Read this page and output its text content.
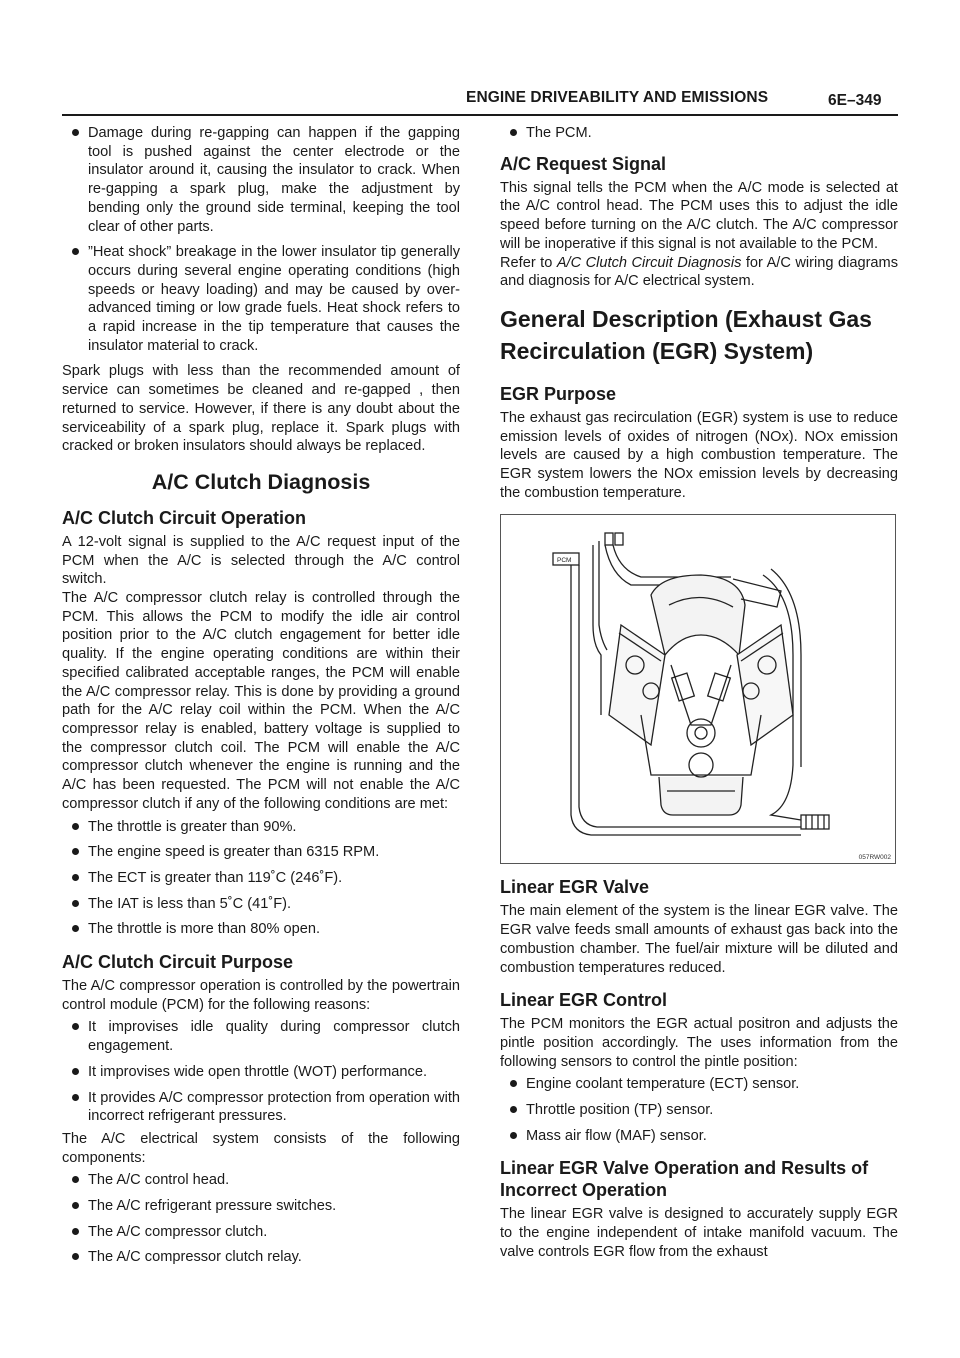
ENGINE DRIVEABILITY AND EMISSIONS	6E–349
Damage during re-gapping can happen if the gapping tool is pushed against the center electrode or the insulator around it, causing the insulator to crack. When re-gapping a spark plug, make the adjustment by bending only the ground side terminal, keeping the tool clear of other parts.
”Heat shock” breakage in the lower insulator tip generally occurs during several engine operating conditions (high speeds or heavy loading) and may be caused by over-advanced timing or low grade fuels. Heat shock refers to a rapid increase in the tip temperature that causes the insulator material to crack.

Spark plugs with less than the recommended amount of service can sometimes be cleaned and re-gapped , then returned to service. However, if there is any doubt about the serviceability of a spark plug, replace it. Spark plugs with cracked or broken insulators should always be replaced.

A/C Clutch Diagnosis
A/C Clutch Circuit Operation

A 12-volt signal is supplied to the A/C request input of the PCM when the A/C is selected through the A/C control switch.

The A/C compressor clutch relay is controlled through the PCM. This allows the PCM to modify the idle air control position prior to the A/C clutch engagement for better idle quality. If the engine operating conditions are within their specified calibrated acceptable ranges, the PCM will enable the A/C compressor relay. This is done by providing a ground path for the A/C relay coil within the PCM. When the A/C compressor relay is enabled, battery voltage is supplied to the compressor clutch coil. The PCM will enable the A/C compressor clutch whenever the engine is running and the A/C has been requested. The PCM will not enable the A/C compressor clutch if any of the following conditions are met:

The throttle is greater than 90%.
The engine speed is greater than 6315 RPM.
The ECT is greater than 119˚C (246˚F).
The IAT is less than 5˚C (41˚F).
The throttle is more than 80% open.
A/C Clutch Circuit Purpose

The A/C compressor operation is controlled by the powertrain control module (PCM) for the following reasons:

It improvises idle quality during compressor clutch engagement.
It improvises wide open throttle (WOT) performance.
It provides A/C compressor protection from operation with incorrect refrigerant pressures.

The A/C electrical system consists of the following components:

The A/C control head.
The A/C refrigerant pressure switches.
The A/C compressor clutch.
The A/C compressor clutch relay.
The PCM.
A/C Request Signal

This signal tells the PCM when the A/C mode is selected at the A/C control head. The PCM uses this to adjust the idle speed before turning on the A/C clutch. The A/C compressor will be inoperative if this signal is not available to the PCM.

Refer to A/C Clutch Circuit Diagnosis for A/C wiring diagrams and diagnosis for A/C electrical system.

General Description (Exhaust Gas Recirculation (EGR) System)
EGR Purpose

The exhaust gas recirculation (EGR) system is use to reduce emission levels of oxides of nitrogen (NOx). NOx emission levels are caused by a high combustion temperature. The EGR system lowers the NOx emission levels by decreasing the combustion temperature.

PCM
057RW002
Linear EGR Valve

The main element of the system is the linear EGR valve. The EGR valve feeds small amounts of exhaust gas back into the combustion chamber. The fuel/air mixture will be diluted and combustion temperatures reduced.

Linear EGR Control

The PCM monitors the EGR actual positron and adjusts the pintle position accordingly. The uses information from the following sensors to control the pintle position:

Engine coolant temperature (ECT) sensor.
Throttle position (TP) sensor.
Mass air flow (MAF) sensor.
Linear EGR Valve Operation and Results of Incorrect Operation

The linear EGR valve is designed to accurately supply EGR to the engine independent of intake manifold vacuum. The valve controls EGR flow from the exhaust
